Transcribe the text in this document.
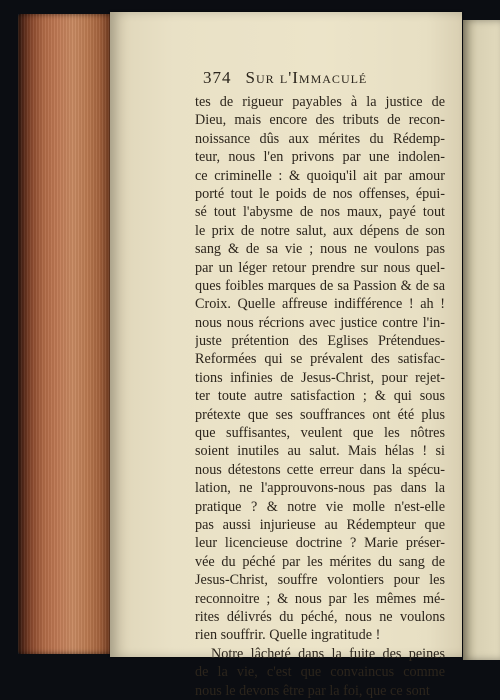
374 Sur l'Immaculé
tes de rigueur payables à la justice de
Dieu, mais encore des tributs de recon-
noissance dûs aux mérites du Rédemp-
teur, nous l'en privons par une indolen-
ce criminelle : & quoiqu'il ait par amour
porté tout le poids de nos offenses, épui-
sé tout l'abysme de nos maux, payé tout
le prix de notre salut, aux dépens de son
sang & de sa vie ; nous ne voulons pas
par un léger retour prendre sur nous quel-
ques foibles marques de sa Passion & de sa
Croix. Quelle affreuse indifférence ! ah !
nous nous récrions avec justice contre l'in-
juste prétention des Eglises Prétendues-
Reformées qui se prévalent des satisfac-
tions infinies de Jesus-Christ, pour rejet-
ter toute autre satisfaction ; & qui sous
prétexte que ses souffrances ont été plus
que suffisantes, veulent que les nôtres
soient inutiles au salut. Mais hélas ! si
nous détestons cette erreur dans la spécu-
lation, ne l'approuvons-nous pas dans la
pratique ? & notre vie molle n'est-elle
pas aussi injurieuse au Rédempteur que
leur licencieuse doctrine ? Marie préser-
vée du péché par les mérites du sang de
Jesus-Christ, souffre volontiers pour les
reconnoitre ; & nous par les mêmes mé-
rites délivrés du péché, nous ne voulons
rien souffrir. Quelle ingratitude !
Notre lâcheté dans la fuite des peines
de la vie, c'est que convaincus comme
nous le devons être par la foi, que ce sont
